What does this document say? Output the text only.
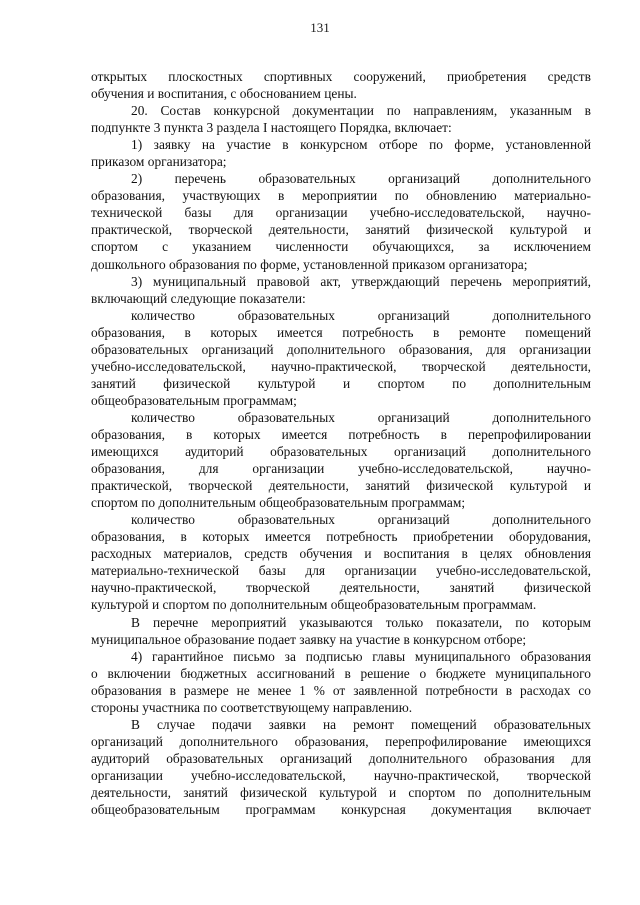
131
открытых плоскостных спортивных сооружений, приобретения средств
обучения и воспитания, с обоснованием цены.
20. Состав конкурсной документации по направлениям, указанным в
подпункте 3 пункта 3 раздела I настоящего Порядка, включает:
1) заявку на участие в конкурсном отборе по форме, установленной
приказом организатора;
2) перечень образовательных организаций дополнительного
образования, участвующих в мероприятии по обновлению материально-
технической базы для организации учебно-исследовательской, научно-
практической, творческой деятельности, занятий физической культурой и
спортом с указанием численности обучающихся, за исключением
дошкольного образования по форме, установленной приказом организатора;
3) муниципальный правовой акт, утверждающий перечень мероприятий,
включающий следующие показатели:
количество образовательных организаций дополнительного
образования, в которых имеется потребность в ремонте помещений
образовательных организаций дополнительного образования, для организации
учебно-исследовательской, научно-практической, творческой деятельности,
занятий физической культурой и спортом по дополнительным
общеобразовательным программам;
количество образовательных организаций дополнительного
образования, в которых имеется потребность в перепрофилировании
имеющихся аудиторий образовательных организаций дополнительного
образования, для организации учебно-исследовательской, научно-
практической, творческой деятельности, занятий физической культурой и
спортом по дополнительным общеобразовательным программам;
количество образовательных организаций дополнительного
образования, в которых имеется потребность приобретении оборудования,
расходных материалов, средств обучения и воспитания в целях обновления
материально-технической базы для организации учебно-исследовательской,
научно-практической, творческой деятельности, занятий физической
культурой и спортом по дополнительным общеобразовательным программам.
В перечне мероприятий указываются только показатели, по которым
муниципальное образование подает заявку на участие в конкурсном отборе;
4) гарантийное письмо за подписью главы муниципального образования
о включении бюджетных ассигнований в решение о бюджете муниципального
образования в размере не менее 1 % от заявленной потребности в расходах со
стороны участника по соответствующему направлению.
В случае подачи заявки на ремонт помещений образовательных
организаций дополнительного образования, перепрофилирование имеющихся
аудиторий образовательных организаций дополнительного образования для
организации учебно-исследовательской, научно-практической, творческой
деятельности, занятий физической культурой и спортом по дополнительным
общеобразовательным программам конкурсная документация включает
